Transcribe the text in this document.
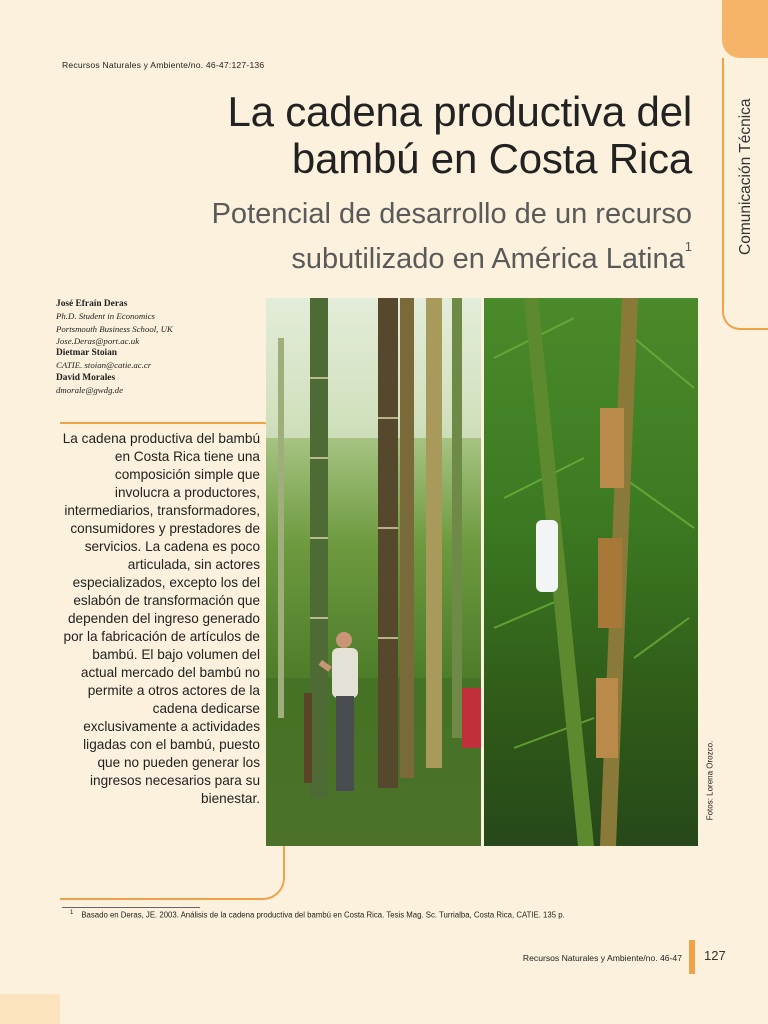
Comunicación Técnica
Recursos Naturales y Ambiente/no. 46-47:127-136
La cadena productiva del
bambú en Costa Rica
Potencial de desarrollo de un recurso
subutilizado en América Latina$^1$
José Efraín Deras
Ph.D. Student in Economics
Portsmouth Business School, UK
Jose.Deras@port.ac.uk
Dietmar Stoian
CATIE. stoian@catie.ac.cr
David Morales
dmorale@gwdg.de

La cadena productiva del bambú en Costa Rica tiene una composición simple que involucra a productores, intermediarios, transformadores, consumidores y prestadores de servicios. La cadena es poco articulada, sin actores especializados, excepto los del eslabón de transformación que dependen del ingreso generado por la fabricación de artículos de bambú. El bajo volumen del actual mercado del bambú no permite a otros actores de la cadena dedicarse exclusivamente a actividades ligadas con el bambú, puesto que no pueden generar los ingresos necesarios para su bienestar.	Fotos: Lorena Orozco.
$^1$ Basado en Deras, JE. 2003. Análisis de la cadena productiva del bambú en Costa Rica. Tesis Mag. Sc. Turrialba, Costa Rica, CATIE. 135 p.
Recursos Naturales y Ambiente/no. 46-47 127
